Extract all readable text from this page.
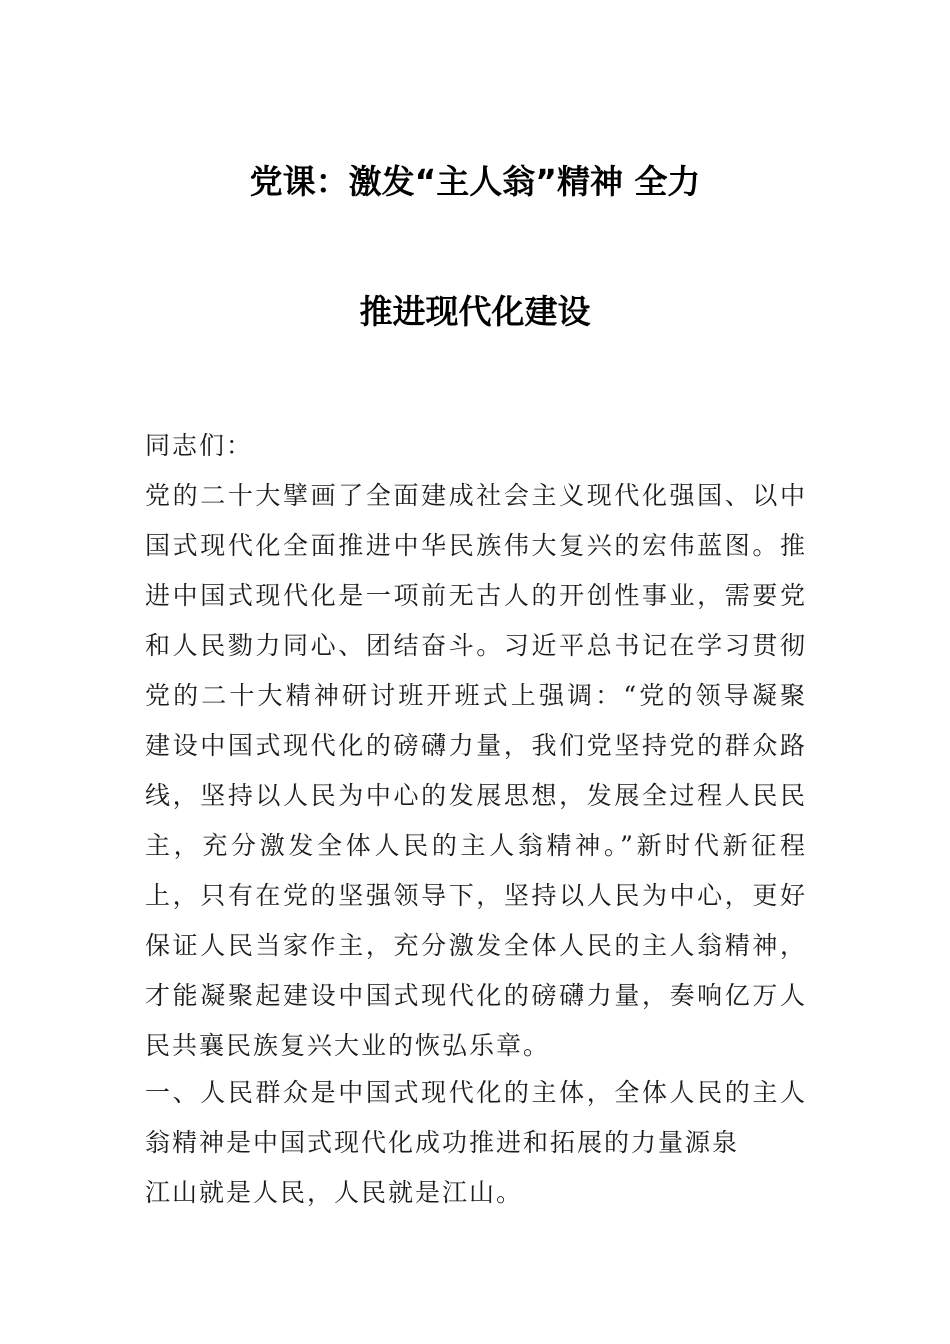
党课：激发“主人翁”精神 全力
推进现代化建设
同志们：
党的二十大擘画了全面建成社会主义现代化强国、以中国式现代化全面推进中华民族伟大复兴的宏伟蓝图。推进中国式现代化是一项前无古人的开创性事业，需要党和人民勠力同心、团结奋斗。习近平总书记在学习贯彻党的二十大精神研讨班开班式上强调：“党的领导凝聚建设中国式现代化的磅礴力量，我们党坚持党的群众路线，坚持以人民为中心的发展思想，发展全过程人民民主，充分激发全体人民的主人翁精神。”新时代新征程上，只有在党的坚强领导下，坚持以人民为中心，更好保证人民当家作主，充分激发全体人民的主人翁精神，才能凝聚起建设中国式现代化的磅礴力量，奏响亿万人民共襄民族复兴大业的恢弘乐章。
一、人民群众是中国式现代化的主体，全体人民的主人翁精神是中国式现代化成功推进和拓展的力量源泉
江山就是人民，人民就是江山。
